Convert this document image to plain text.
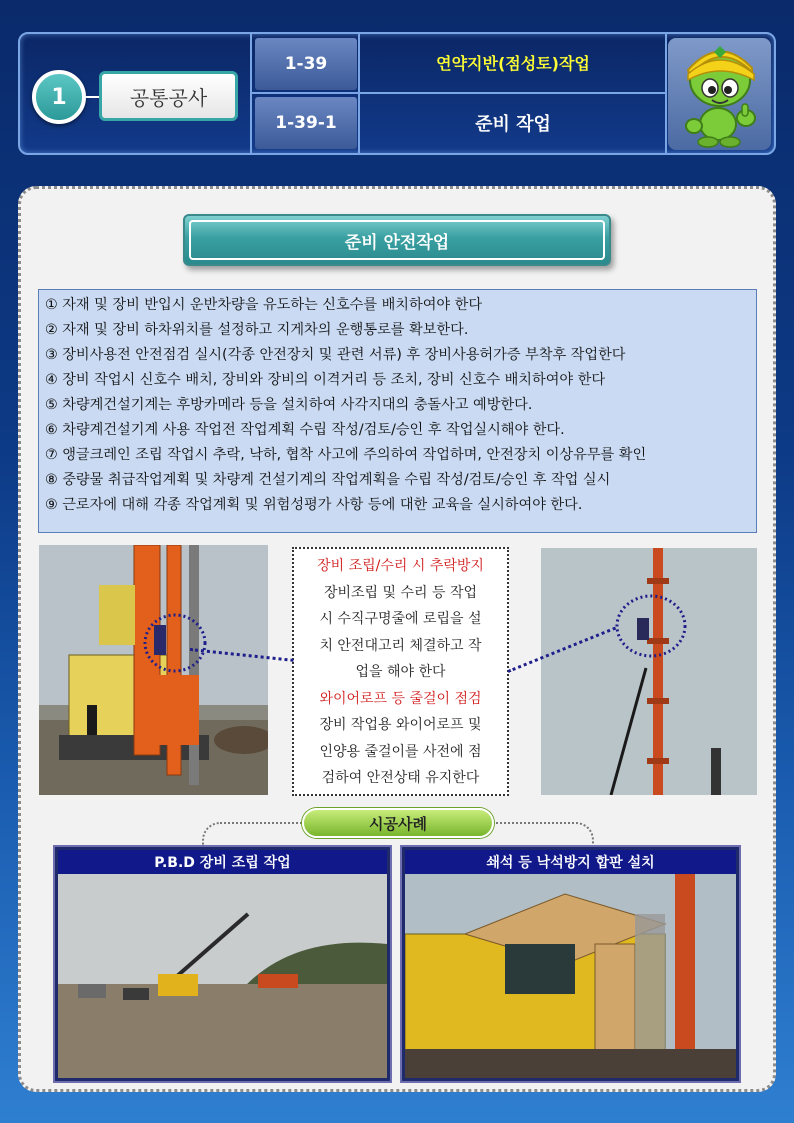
1	공통공사
1-39
1-39-1
연약지반(점성토)작업
준비 작업
준비 안전작업
① 자재 및 장비 반입시 운반차량을 유도하는 신호수를 배치하여야 한다
② 자재 및 장비 하차위치를 설정하고 지게차의 운행통로를 확보한다.
③ 장비사용전 안전점검 실시(각종 안전장치 및 관련 서류) 후 장비사용허가증 부착후 작업한다
④ 장비 작업시 신호수 배치, 장비와 장비의 이격거리 등 조치, 장비 신호수 배치하여야 한다
⑤ 차량계건설기계는 후방카메라 등을 설치하여 사각지대의 충돌사고 예방한다.
⑥ 차량계건설기계 사용 작업전 작업계획 수립 작성/검토/승인 후 작업실시해야 한다.
⑦ 앵글크레인 조립 작업시 추락, 낙하, 협착 사고에 주의하여 작업하며, 안전장치 이상유무를 확인
⑧ 중량물 취급작업계획 및 차량계 건설기계의 작업계획을 수립 작성/검토/승인 후 작업 실시
⑨ 근로자에 대해 각종 작업계획 및 위험성평가 사항 등에 대한 교육을 실시하여야 한다.
장비 조립/수리 시 추락방지
장비조립 및 수리 등 작업
시 수직구명줄에 로립을 설
치 안전대고리 체결하고 작
업을 해야 한다
와이어로프 등 줄걸이 점검
장비 작업용 와이어로프 및
인양용 줄걸이를 사전에 점
검하여 안전상태 유지한다
시공사례
P.B.D 장비 조립 작업	쇄석 등 낙석방지 합판 설치
